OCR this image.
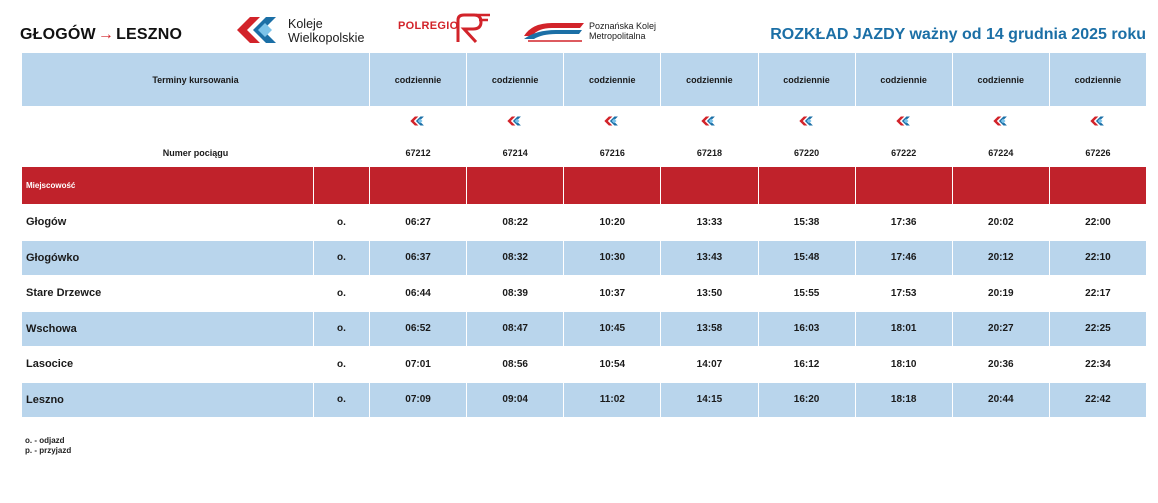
GŁOGÓW → LESZNO
Koleje
Wielkopolskie
POLREGIO	Poznańska Kolej
Metropolitalna	ROZKŁAD JAZDY ważny od 14 grudnia 2025 roku
Terminy kursowania		codziennie	codziennie	codziennie	codziennie	codziennie	codziennie	codziennie	codziennie

Numer pociągu		67212	67214	67216	67218	67220	67222	67224	67226
Miejscowość									
Głogów	o.	06:27	08:22	10:20	13:33	15:38	17:36	20:02	22:00
Głogówko	o.	06:37	08:32	10:30	13:43	15:48	17:46	20:12	22:10
Stare Drzewce	o.	06:44	08:39	10:37	13:50	15:55	17:53	20:19	22:17
Wschowa	o.	06:52	08:47	10:45	13:58	16:03	18:01	20:27	22:25
Lasocice	o.	07:01	08:56	10:54	14:07	16:12	18:10	20:36	22:34
Leszno	o.	07:09	09:04	11:02	14:15	16:20	18:18	20:44	22:42
o. - odjazd
p. - przyjazd
